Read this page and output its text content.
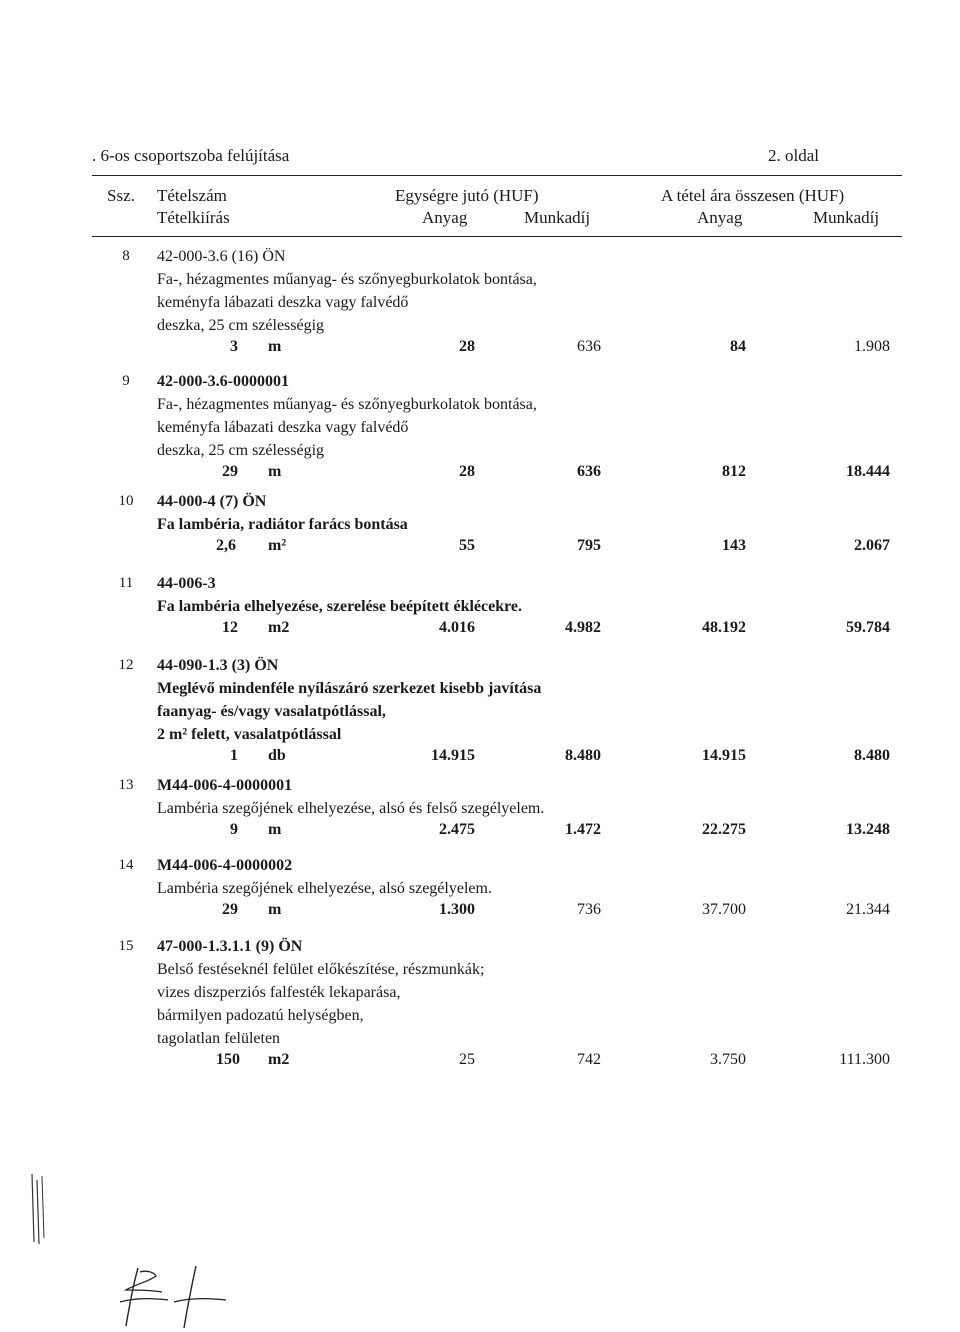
. 6-os csoportszoba felújítása	2. oldal
Ssz. Tételszám
Tételkiírás
Egységre jutó (HUF)
Anyag	Munkadíj
A tétel ára összesen (HUF)
Anyag	Munkadíj
8	42-000-3.6 (16) ÖN
Fa-, hézagmentes műanyag- és szőnyegburkolatok bontása,
keményfa lábazati deszka vagy falvédő
deszka, 25 cm szélességig
3 m	28	636	84	1.908
9	42-000-3.6-0000001
Fa-, hézagmentes műanyag- és szőnyegburkolatok bontása,
keményfa lábazati deszka vagy falvédő
deszka, 25 cm szélességig
29 m	28	636	812	18.444
10 44-000-4 (7) ÖN
Fa lambéria, radiátor farács bontása
2,6 m²	55	795	143	2.067
11 44-006-3
Fa lambéria elhelyezése, szerelése beépített éklécekre.
12 m2	4.016	4.982	48.192	59.784
12 44-090-1.3 (3) ÖN
Meglévő mindenféle nyílászáró szerkezet kisebb javítása
faanyag- és/vagy vasalatpótlással,
2 m² felett, vasalatpótlással
1 db	14.915	8.480	14.915	8.480
13 M44-006-4-0000001
Lambéria szegőjének elhelyezése, alsó és felső szegélyelem.
9 m	2.475	1.472	22.275	13.248
14 M44-006-4-0000002
Lambéria szegőjének elhelyezése, alsó szegélyelem.
29 m	1.300	736	37.700	21.344
15 47-000-1.3.1.1 (9) ÖN
Belső festéseknél felület előkészítése, részmunkák;
vizes diszperziós falfesték lekaparása,
bármilyen padozatú helységben,
tagolatlan felületen
150 m2	25	742	3.750	111.300
